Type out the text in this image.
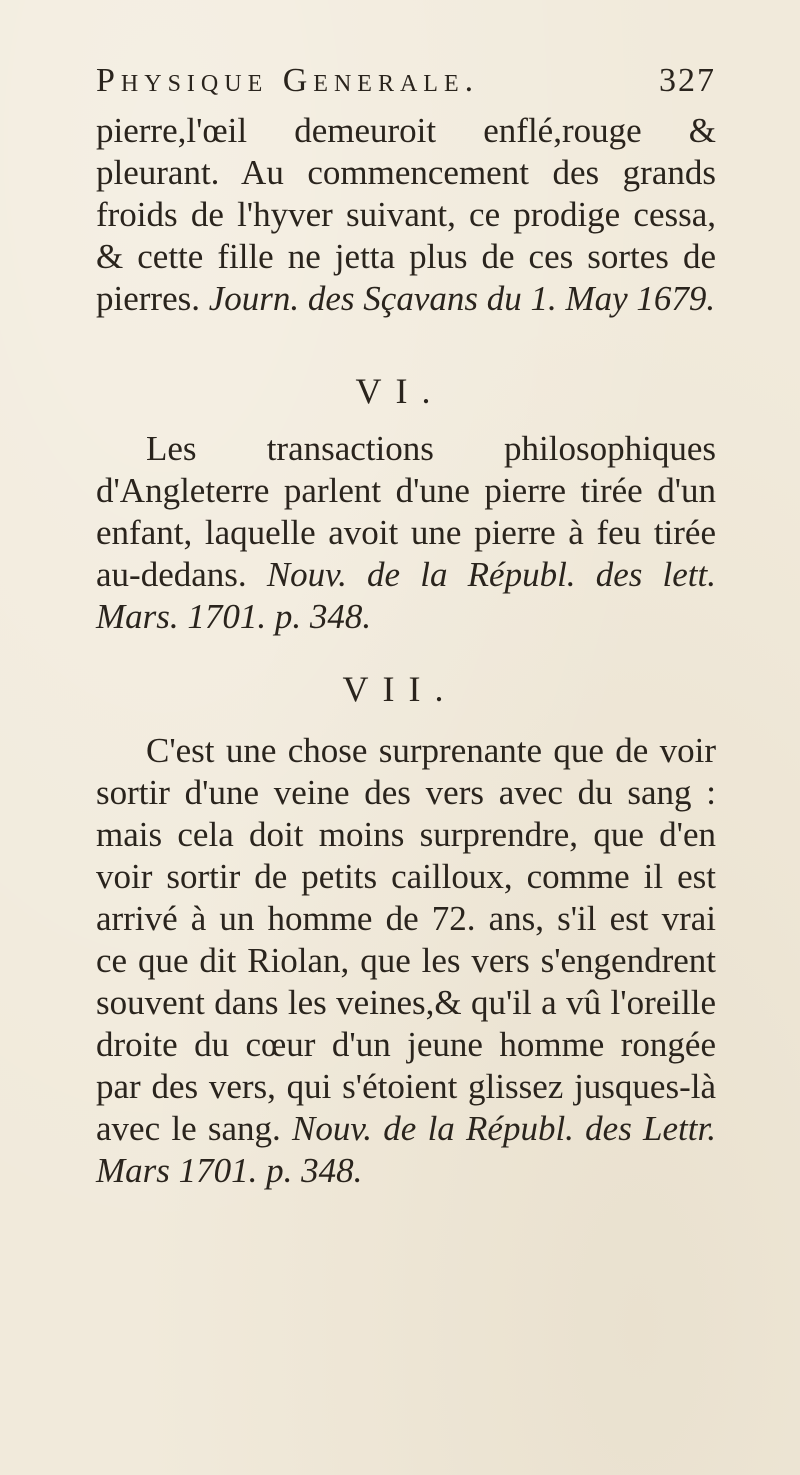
Physique Generale.	327

pierre,l'œil demeuroit enflé,rouge & pleurant. Au commencement des grands froids de l'hyver suivant, ce prodige cessa, & cette fille ne jetta plus de ces sortes de pierres. Journ. des Sçavans du 1. May 1679.

VI.

Les transactions philosophiques d'Angleterre parlent d'une pierre tirée d'un enfant, laquelle avoit une pierre à feu tirée au-dedans. Nouv. de la Républ. des lett. Mars. 1701. p. 348.

VII.

C'est une chose surprenante que de voir sortir d'une veine des vers avec du sang : mais cela doit moins surprendre, que d'en voir sortir de petits cailloux, comme il est arrivé à un homme de 72. ans, s'il est vrai ce que dit Riolan, que les vers s'engendrent souvent dans les veines,& qu'il a vû l'oreille droite du cœur d'un jeune homme rongée par des vers, qui s'étoient glissez jusques-là avec le sang. Nouv. de la Républ. des Lettr. Mars 1701. p. 348.
